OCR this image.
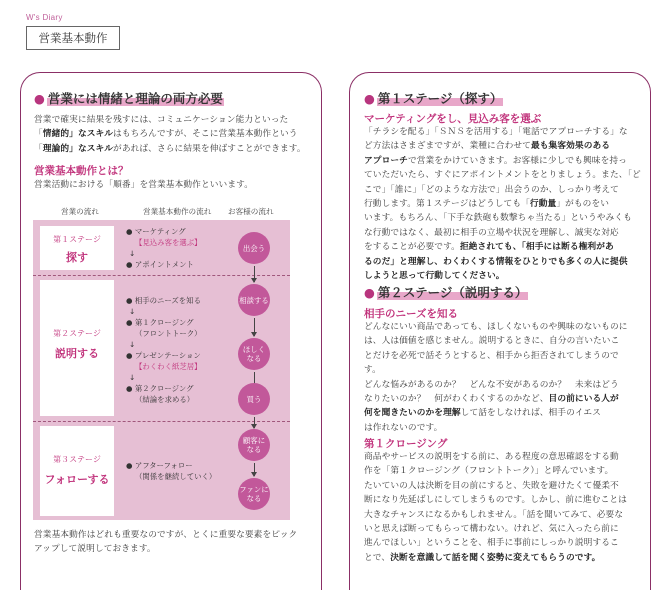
W's Diary
営業基本動作
● 営業には情緒と理論の両方必要
営業で確実に結果を残すには、コミュニケーション能力といった
「情緒的」なスキルはもちろんですが、そこに営業基本動作という
「理論的」なスキルがあれば、さらに結果を伸ばすことができます。
営業基本動作とは？
営業活動における「順番」を営業基本動作といいます。
営業の流れ	営業基本動作の流れ お客様の流れ
第１ステージ
探す
第２ステージ
説明する
第３ステージ
フォローする
● マーケティング
【見込み客を選ぶ】
↓
● アポイントメント
● 相手のニーズを知る
↓
● 第１クロージング
（フロントトーク）
↓
● プレゼンテーション
【わくわく紙芝居】
↓
● 第２クロージング
（結論を求める）
● アフターフォロー
（関係を継続していく）
出会う
相談する
ほしく
なる
買う
顧客に
なる
ファンに
なる
営業基本動作はどれも重要なのですが、とくに重要な要素をピック
アップして説明しておきます。
● 第１ステージ（探す）
マーケティングをし、見込み客を選ぶ
「チラシを配る」「ＳＮＳを活用する」「電話でアプローチする」な
ど方法はさまざまですが、業種に合わせて最も集客効果のある
アプローチで営業をかけていきます。お客様に少しでも興味を持っ
ていただいたら、すぐにアポイントメントをとりましょう。また、「ど
こで」「誰に」「どのような方法で」出会うのか、しっかり考えて
行動します。第１ステージはどうしても「行動量」がものをい
います。もちろん、「下手な鉄砲も数撃ちゃ当たる」というやみくも
な行動ではなく、最初に相手の立場や状況を理解し、誠実な対応
をすることが必要です。拒絶されても、「相手には断る権利があ
るのだ」と理解し、わくわくする情報をひとりでも多くの人に提供
しようと思って行動してください。
● 第２ステージ（説明する）
相手のニーズを知る
どんなにいい商品であっても、ほしくないものや興味のないものに
は、人は価値を感じません。説明するときに、自分の言いたいこ
とだけを必死で話そうとすると、相手から拒否されてしまうので
す。
どんな悩みがあるのか？　どんな不安があるのか？　未来はどう
なりたいのか？　何がわくわくするのかなど、目の前にいる人が
何を聞きたいのかを理解して話をしなければ、相手のイエス
は作れないのです。
第１クロージング
商品やサービスの説明をする前に、ある程度の意思確認をする動
作を「第１クロージング（フロントトーク）」と呼んでいます。
たいていの人は決断を目の前にすると、失敗を避けたくて優柔不
断になり先延ばしにしてしまうものです。しかし、前に進むことは
大きなチャンスになるかもしれません。「話を聞いてみて、必要な
いと思えば断ってもらって構わない。けれど、気に入ったら前に
進んでほしい」ということを、相手に事前にしっかり説明するこ
とで、決断を意識して話を聞く姿勢に変えてもらうのです。
